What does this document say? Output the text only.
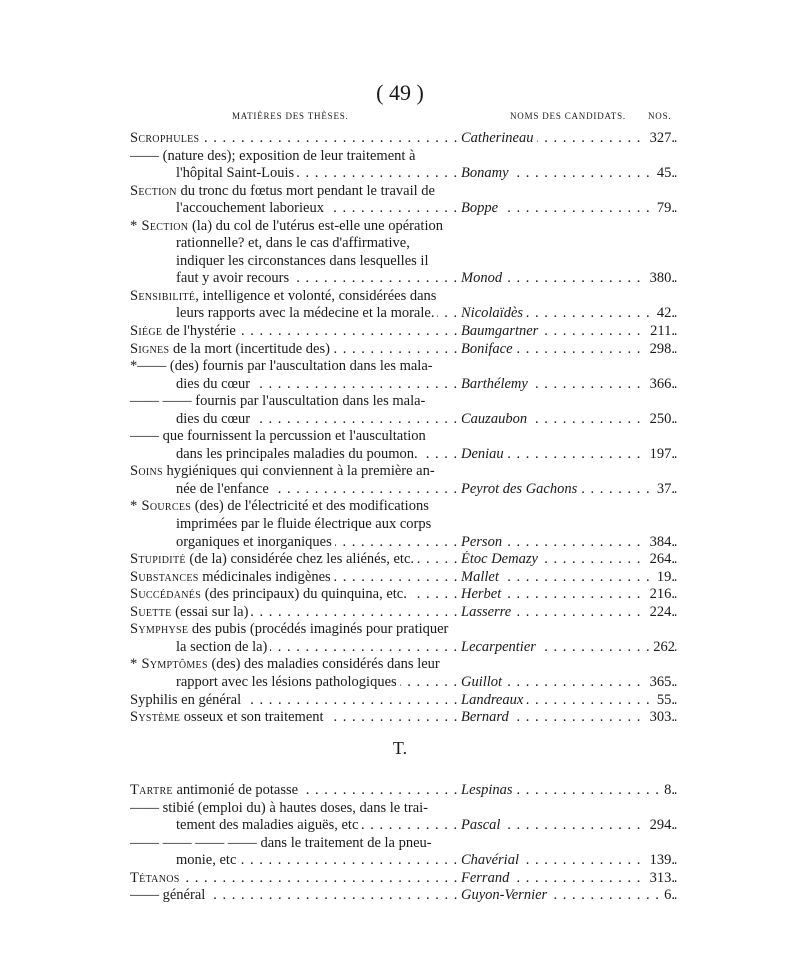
( 49 )
MATIÈRES DES THÈSES.	NOMS DES CANDIDATS. NOS.
Scrophules . . .	Catherineau . . .	327.
—— (nature des); exposition de leur traitement à
l'hôpital Saint-Louis . . .	Bonamy . . .	45.
Section du tronc du fœtus mort pendant le travail de
l'accouchement laborieux . . .	Boppe . . .	79.
* Section (la) du col de l'utérus est-elle une opération
rationnelle? et, dans le cas d'affirmative,
indiquer les circonstances dans lesquelles il
faut y avoir recours . . .	Monod . . .	380.
Sensibilité, intelligence et volonté, considérées dans
leurs rapports avec la médecine et la morale. . . .	Nicolaïdès . . .	42.
Siége de l'hystérie . . .	Baumgartner . . .	211.
Signes de la mort (incertitude des) . . .	Boniface . . .	298.
*—— (des) fournis par l'auscultation dans les mala-
dies du cœur . . .	Barthélemy . . .	366.
—— —— fournis par l'auscultation dans les mala-
dies du cœur . . .	Cauzaubon . . .	250.
—— que fournissent la percussion et l'auscultation
dans les principales maladies du poumon. . . .	Deniau . . .	197.
Soins hygiéniques qui conviennent à la première an-
née de l'enfance . . .	Peyrot des Gachons . . .	37.
* Sources (des) de l'électricité et des modifications
imprimées par le fluide électrique aux corps
organiques et inorganiques . . .	Person . . .	384.
Stupidité (de la) considérée chez les aliénés, etc. . . .	Étoc Demazy . . .	264.
Substances médicinales indigènes . . .	Mallet . . .	19.
Succédanés (des principaux) du quinquina, etc. . . .	Herbet . . .	216.
Suette (essai sur la) . . .	Lasserre . . .	224.
Symphyse des pubis (procédés imaginés pour pratiquer
la section de la) . . .	Lecarpentier . . .	262
* Symptômes (des) des maladies considérés dans leur
rapport avec les lésions pathologiques . . .	Guillot . . .	365.
Syphilis en général . . .	Landreaux . . .	55.
Système osseux et son traitement . . .	Bernard . . .	303.
T.
Tartre antimonié de potasse . . .	Lespinas . . .	8.
—— stibié (emploi du) à hautes doses, dans le trai-
tement des maladies aiguës, etc . . .	Pascal . . .	294.
—— —— —— —— dans le traitement de la pneu-
monie, etc . . .	Chavérial . . .	139.
Tétanos . . .	Ferrand . . .	313.
—— général . . .	Guyon-Vernier . . .	6.
